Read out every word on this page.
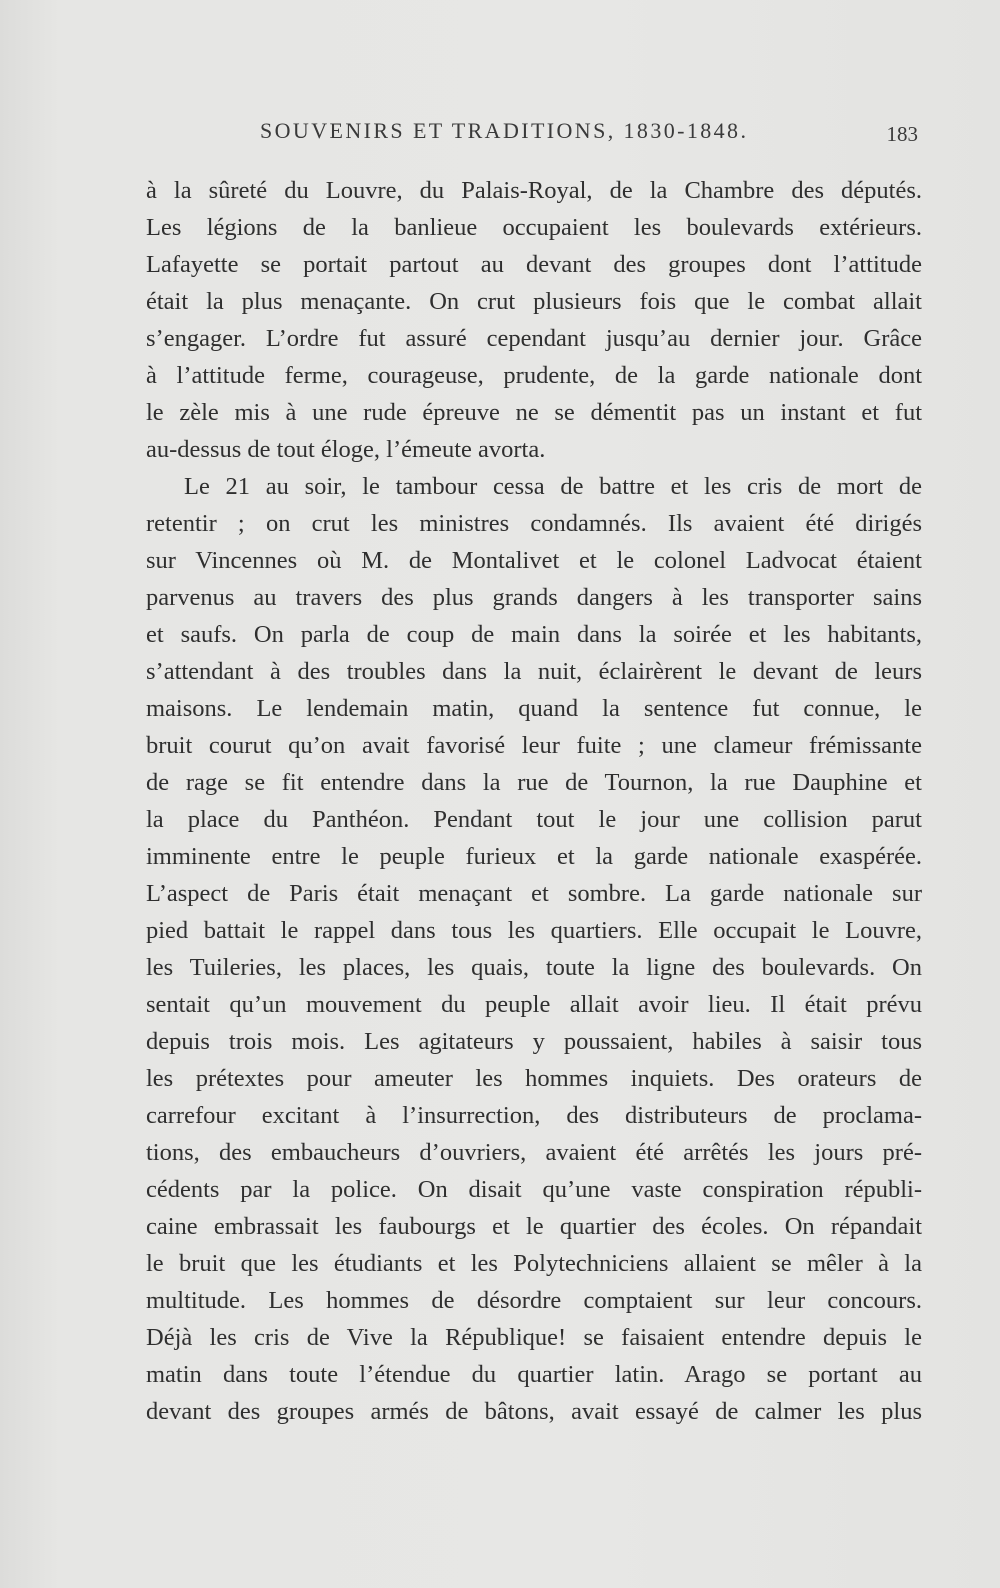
SOUVENIRS ET TRADITIONS, 1830-1848.	183
à la sûreté du Louvre, du Palais-Royal, de la Chambre des députés.
Les légions de la banlieue occupaient les boulevards extérieurs.
Lafayette se portait partout au devant des groupes dont l’attitude
était la plus menaçante. On crut plusieurs fois que le combat allait
s’engager. L’ordre fut assuré cependant jusqu’au dernier jour. Grâce
à l’attitude ferme, courageuse, prudente, de la garde nationale dont
le zèle mis à une rude épreuve ne se démentit pas un instant et fut
au-dessus de tout éloge, l’émeute avorta.
Le 21 au soir, le tambour cessa de battre et les cris de mort de
retentir ; on crut les ministres condamnés. Ils avaient été dirigés
sur Vincennes où M. de Montalivet et le colonel Ladvocat étaient
parvenus au travers des plus grands dangers à les transporter sains
et saufs. On parla de coup de main dans la soirée et les habitants,
s’attendant à des troubles dans la nuit, éclairèrent le devant de leurs
maisons. Le lendemain matin, quand la sentence fut connue, le
bruit courut qu’on avait favorisé leur fuite ; une clameur frémissante
de rage se fit entendre dans la rue de Tournon, la rue Dauphine et
la place du Panthéon. Pendant tout le jour une collision parut
imminente entre le peuple furieux et la garde nationale exaspérée.
L’aspect de Paris était menaçant et sombre. La garde nationale sur
pied battait le rappel dans tous les quartiers. Elle occupait le Louvre,
les Tuileries, les places, les quais, toute la ligne des boulevards. On
sentait qu’un mouvement du peuple allait avoir lieu. Il était prévu
depuis trois mois. Les agitateurs y poussaient, habiles à saisir tous
les prétextes pour ameuter les hommes inquiets. Des orateurs de
carrefour excitant à l’insurrection, des distributeurs de proclama-
tions, des embaucheurs d’ouvriers, avaient été arrêtés les jours pré-
cédents par la police. On disait qu’une vaste conspiration républi-
caine embrassait les faubourgs et le quartier des écoles. On répandait
le bruit que les étudiants et les Polytechniciens allaient se mêler à la
multitude. Les hommes de désordre comptaient sur leur concours.
Déjà les cris de Vive la République! se faisaient entendre depuis le
matin dans toute l’étendue du quartier latin. Arago se portant au
devant des groupes armés de bâtons, avait essayé de calmer les plus
